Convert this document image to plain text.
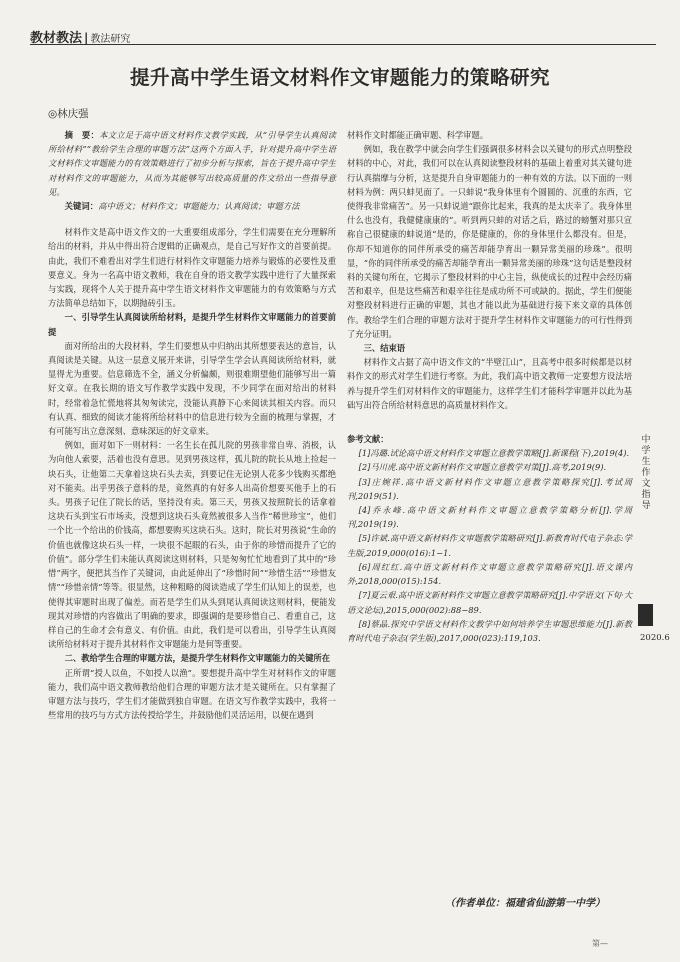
教材教法 | 教法研究
提升高中学生语文材料作文审题能力的策略研究
◎林庆强

摘　要：本文立足于高中语文材料作文教学实践，从“引导学生认真阅读所给材料”“教给学生合理的审题方法”这两个方面入手，针对提升高中学生语文材料作文审题能力的有效策略进行了初步分析与探索，旨在于提升高中学生对材料作文的审题能力，从而为其能够写出较高质量的作文给出一些指导意见。

关键词：高中语文；材料作文；审题能力；认真阅读；审题方法

材料作文是高中语文作文的一大重要组成部分，学生们需要在充分理解所给出的材料，并从中得出符合逻辑的正确观点，是自己写好作文的首要前提。由此，我们不难看出对学生们进行材料作文审题能力培养与锻炼的必要性及重要意义。身为一名高中语文教师，我在自身的语文教学实践中进行了大量探索与实践，现将个人关于提升高中学生语文材料作文审题能力的有效策略与方式方法简单总结如下，以期抛砖引玉。

一、引导学生认真阅读所给材料，是提升学生材料作文审题能力的首要前提

面对所给出的大段材料，学生们要想从中归纳出其所想要表达的意旨，认真阅读是关键。从这一层意义展开来讲，引导学生学会认真阅读所给材料，就显得尤为重要。信息筛选不全，涵义分析偏颇，则很难期望他们能够写出一篇好文章。在我长期的语文写作教学实践中发现，不少同学在面对给出的材料时，经常着急忙慌地将其匆匆读完，没能认真静下心来阅读其相关内容。而只有认真、细致的阅读才能将所给材料中的信息进行较为全面的梳理与掌握，才有可能写出立意深刻、意味深远的好文章来。

例如，面对如下一则材料：一名生长在孤儿院的男孩非常自卑、消极，认为向他人索要，活着也没有意思。见到男孩这样，孤儿院的院长从地上捡起一块石头，让他第二天拿着这块石头去卖，到要记住无论别人花多少钱购买都绝对不能卖。出乎男孩子意料的是，竟然真的有好多人出高价想要买他手上的石头。男孩子记住了院长的话，坚持没有卖。第三天，男孩又按照院长的话拿着这块石头到宝石市场卖，没想到这块石头竟然被很多人当作“稀世珍宝”，他们一个比一个给出的价钱高，都想要购买这块石头。这时，院长对男孩说“生命的价值也就像这块石头一样，一块很不起眼的石头，由于你的珍惜而提升了它的价值”。部分学生们未能认真阅读这则材料，只是匆匆忙忙地看到了其中的“珍惜”两字，便把其当作了关键词，由此延伸出了“珍惜时间”“珍惜生活”“珍惜友情”“珍惜亲情”等等。很显然，这种粗略的阅读造成了学生们认知上的误差，也使得其审题时出现了偏差。而若是学生们从头到尾认真阅读这则材料，便能发现其对珍惜的内容做出了明确的要求，即强调的是要珍惜自己、看重自己，这样自己的生命才会有意义、有价值。由此，我们是可以看出，引导学生认真阅读所给材料对于提升其材料作文审题能力是何等重要。

二、教给学生合理的审题方法，是提升学生材料作文审题能力的关键所在

正所谓“授人以鱼，不如授人以渔”。要想提升高中学生对材料作文的审题能力，我们高中语文教师教给他们合理的审题方法才是关键所在。只有掌握了审题方法与技巧，学生们才能做到独自审题。在语文写作教学实践中，我将一些常用的技巧与方式方法传授给学生，并鼓励他们灵活运用，以便在遇到

材料作文时都能正确审题、科学审题。

例如，我在教学中就会向学生们强调很多材料会以关键句的形式点明整段材料的中心，对此，我们可以在认真阅读整段材料的基础上着重对其关键句进行认真揣摩与分析，这是提升自身审题能力的一种有效的方法。以下面的一则材料为例：两只蚌见面了。一只蚌说“我身体里有个圆圆的、沉重的东西，它使得我非常痛苦”。另一只蚌说道“跟你比起来，我真的是太庆幸了。我身体里什么也没有，我健健康康的”。听到两只蚌的对话之后，路过的螃蟹对那只宣称自己很健康的蚌说道“是的，你是健康的，你的身体里什么都没有。但是，你却不知道你的同伴所承受的痛苦却能孕育出一颗异常美丽的珍珠”。很明显，“你的同伴所承受的痛苦却能孕育出一颗异常美丽的珍珠”这句话是整段材料的关键句所在，它揭示了整段材料的中心主旨，纵使成长的过程中会经历痛苦和艰辛，但是这些痛苦和艰辛往往是成功所不可或缺的。据此，学生们便能对整段材料进行正确的审题，其也才能以此为基础进行接下来文章的具体创作。教给学生们合理的审题方法对于提升学生材料作文审题能力的可行性得到了充分证明。

三、结束语

材料作文占据了高中语文作文的“半壁江山”，且高考中很多时候都是以材料作文的形式对学生们进行考察。为此，我们高中语文教师一定要想方设法培养与提升学生们对材料作文的审题能力，这样学生们才能科学审题并以此为基础写出符合所给材料意思的高质量材料作文。

参考文献：

[1]冯璐.试论高中语文材料作文审题立意教学策略[J].新课程(下),2019(4).

[2]马川虎.高中语文新材料作文审题立意教学对策[J].高考,2019(9).

[3]庄婉祥.高中语文新材料作文审题立意教学策略探究[J].考试周刊,2019(51).

[4]乔永峰.高中语文新材料作文审题立意教学策略分析[J].学周刊,2019(19).

[5]许斌.高中语文新材料作文审题教学策略研究[J].新教育时代电子杂志:学生版,2019,000(016):1−1.

[6]周红红.高中语文新材料作文审题立意教学策略研究[J].语文课内外,2018,000(015):154.

[7]夏云艰.高中语文新材料作文审题立意教学策略研究[J].中学语文(下旬·大语文论坛),2015,000(002):88−89.

[8]蔡晶.探究中学语文材料作文教学中如何培养学生审题思维能力[J].新教育时代电子杂志(学生版),2017,000(023):119,103.

中学生作文指导
2020.6
（作者单位：福建省仙游第一中学）
第—
